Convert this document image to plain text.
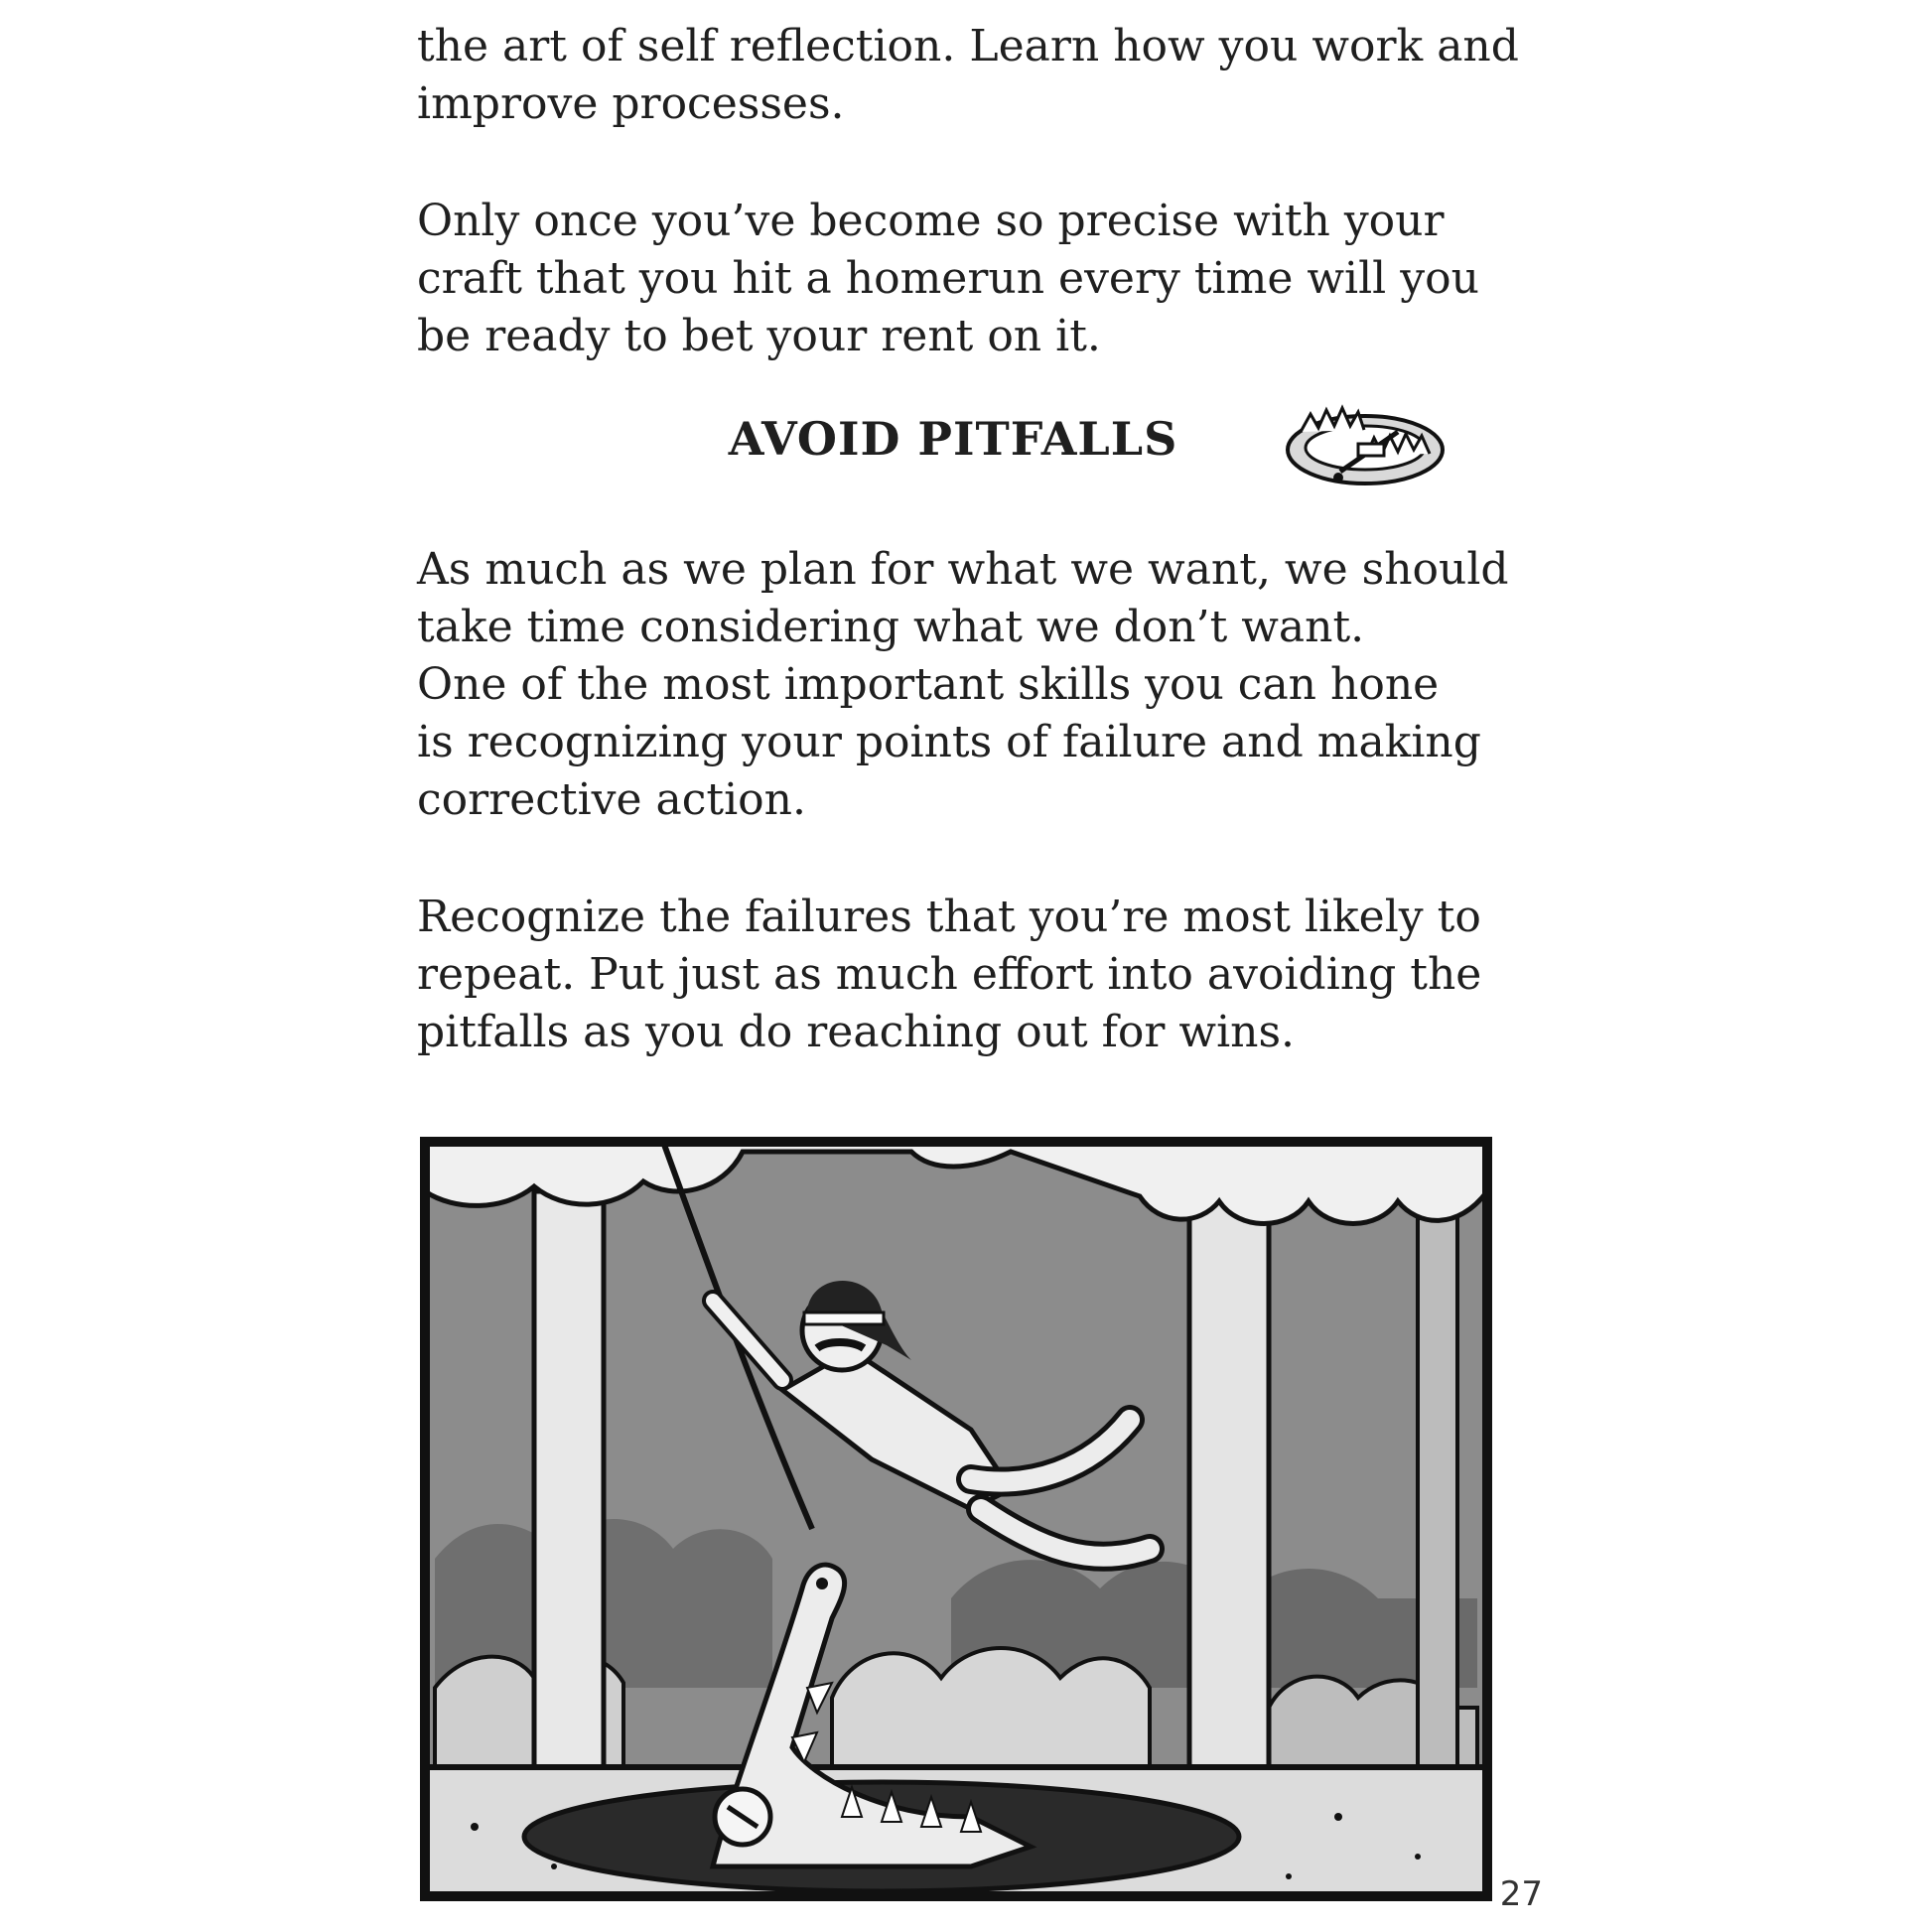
the art of self reflection. Learn how you work and
improve processes.

Only once you’ve become so precise with your
craft that you hit a homerun every time will you
be ready to bet your rent on it.

AVOID PITFALLS

As much as we plan for what we want, we should
take time considering what we don’t want.
One of the most important skills you can hone
is recognizing your points of failure and making
corrective action.

Recognize the failures that you’re most likely to
repeat. Put just as much effort into avoiding the
pitfalls as you do reaching out for wins.

27
